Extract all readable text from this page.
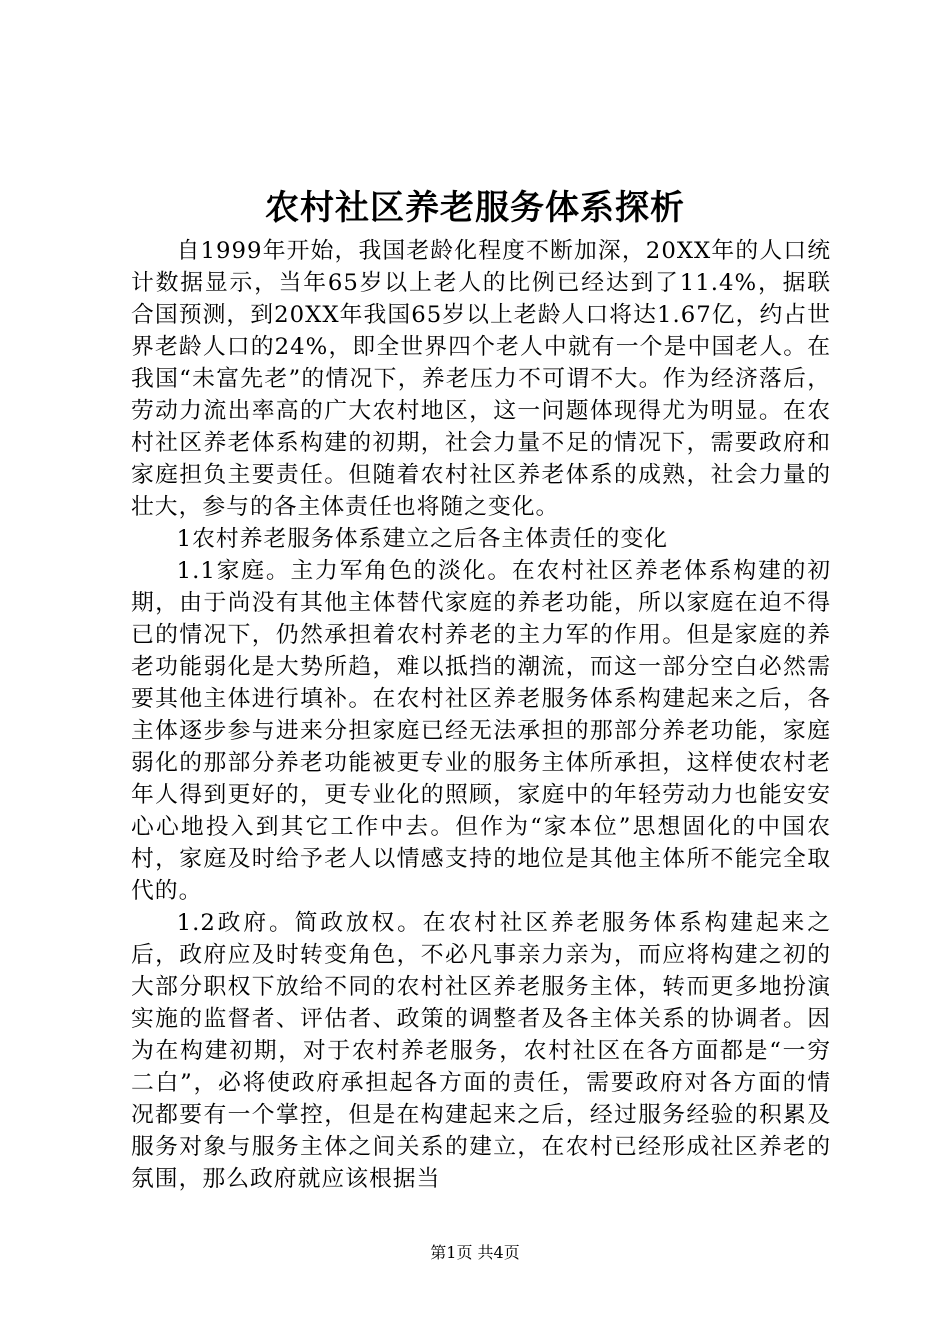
农村社区养老服务体系探析

自1999年开始，我国老龄化程度不断加深，20XX年的人口统计数据显示，当年65岁以上老人的比例已经达到了11.4%，据联合国预测，到20XX年我国65岁以上老龄人口将达1.67亿，约占世界老龄人口的24%，即全世界四个老人中就有一个是中国老人。在我国“未富先老”的情况下，养老压力不可谓不大。作为经济落后，劳动力流出率高的广大农村地区，这一问题体现得尤为明显。在农村社区养老体系构建的初期，社会力量不足的情况下，需要政府和家庭担负主要责任。但随着农村社区养老体系的成熟，社会力量的壮大，参与的各主体责任也将随之变化。

1农村养老服务体系建立之后各主体责任的变化

1.1家庭。主力军角色的淡化。在农村社区养老体系构建的初期，由于尚没有其他主体替代家庭的养老功能，所以家庭在迫不得已的情况下，仍然承担着农村养老的主力军的作用。但是家庭的养老功能弱化是大势所趋，难以抵挡的潮流，而这一部分空白必然需要其他主体进行填补。在农村社区养老服务体系构建起来之后，各主体逐步参与进来分担家庭已经无法承担的那部分养老功能，家庭弱化的那部分养老功能被更专业的服务主体所承担，这样使农村老年人得到更好的，更专业化的照顾，家庭中的年轻劳动力也能安安心心地投入到其它工作中去。但作为“家本位”思想固化的中国农村，家庭及时给予老人以情感支持的地位是其他主体所不能完全取代的。

1.2政府。简政放权。在农村社区养老服务体系构建起来之后，政府应及时转变角色，不必凡事亲力亲为，而应将构建之初的大部分职权下放给不同的农村社区养老服务主体，转而更多地扮演实施的监督者、评估者、政策的调整者及各主体关系的协调者。因为在构建初期，对于农村养老服务，农村社区在各方面都是“一穷二白”，必将使政府承担起各方面的责任，需要政府对各方面的情况都要有一个掌控，但是在构建起来之后，经过服务经验的积累及服务对象与服务主体之间关系的建立，在农村已经形成社区养老的氛围，那么政府就应该根据当

第1页 共4页
